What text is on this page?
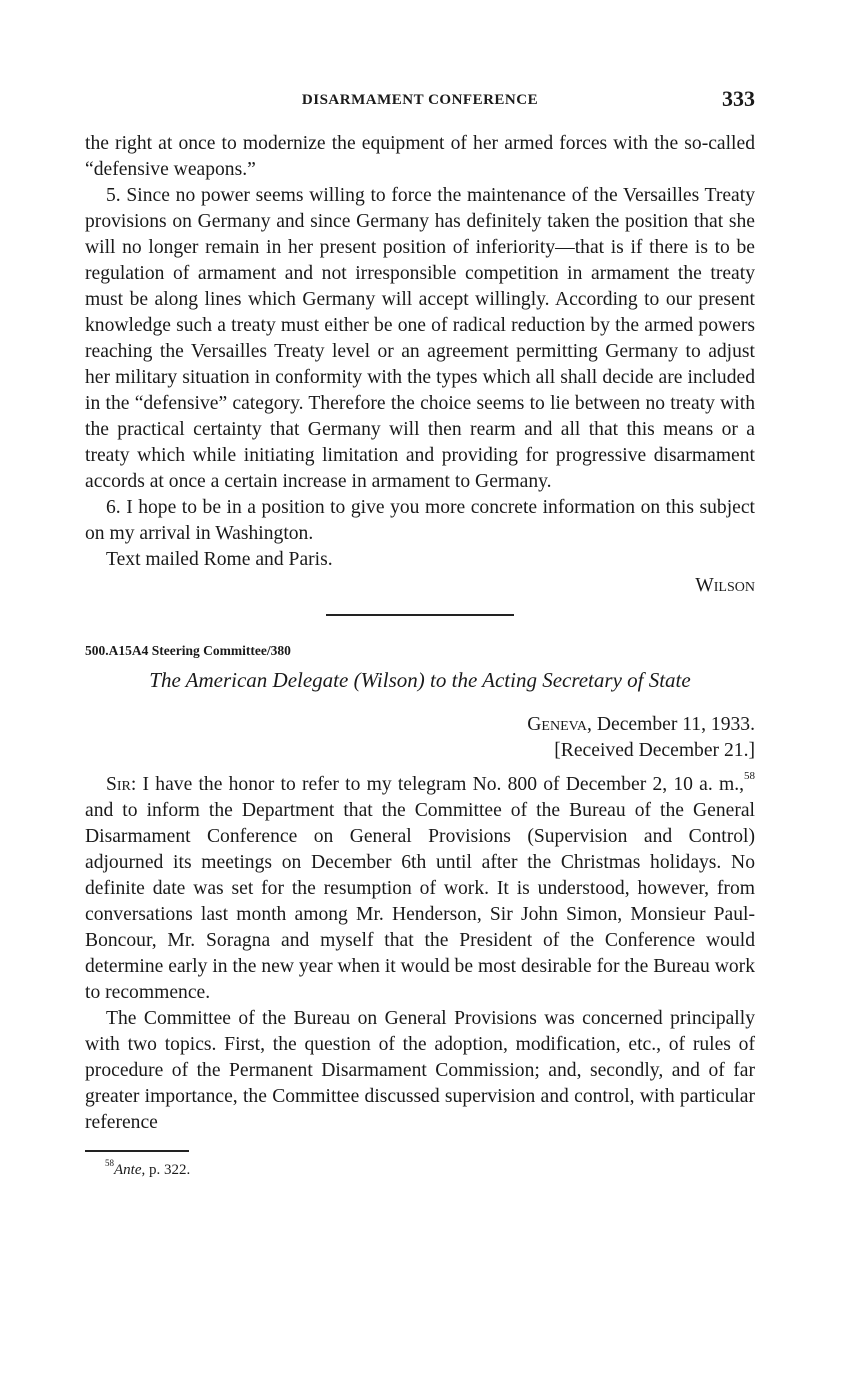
DISARMAMENT CONFERENCE	333

the right at once to modernize the equipment of her armed forces with the so-called “defensive weapons.”

5. Since no power seems willing to force the maintenance of the Versailles Treaty provisions on Germany and since Germany has definitely taken the position that she will no longer remain in her present position of inferiority—that is if there is to be regulation of armament and not irresponsible competition in armament the treaty must be along lines which Germany will accept willingly. According to our present knowledge such a treaty must either be one of radical reduction by the armed powers reaching the Versailles Treaty level or an agreement permitting Germany to adjust her military situation in conformity with the types which all shall decide are included in the “defensive” category. Therefore the choice seems to lie between no treaty with the practical certainty that Germany will then rearm and all that this means or a treaty which while initiating limitation and providing for progressive disarmament accords at once a certain increase in armament to Germany.

6. I hope to be in a position to give you more concrete information on this subject on my arrival in Washington.

Text mailed Rome and Paris.

Wilson
500.A15A4 Steering Committee/380
The American Delegate (Wilson) to the Acting Secretary of State
Geneva, December 11, 1933.
[Received December 21.]

Sir: I have the honor to refer to my telegram No. 800 of December 2, 10 a. m.,$^{58}$ and to inform the Department that the Committee of the Bureau of the General Disarmament Conference on General Provisions (Supervision and Control) adjourned its meetings on December 6th until after the Christmas holidays. No definite date was set for the resumption of work. It is understood, however, from conversations last month among Mr. Henderson, Sir John Simon, Monsieur Paul-Boncour, Mr. Soragna and myself that the President of the Conference would determine early in the new year when it would be most desirable for the Bureau work to recommence.

The Committee of the Bureau on General Provisions was concerned principally with two topics. First, the question of the adoption, modification, etc., of rules of procedure of the Permanent Disarmament Commission; and, secondly, and of far greater importance, the Committee discussed supervision and control, with particular reference

$^{58}$Ante, p. 322.
